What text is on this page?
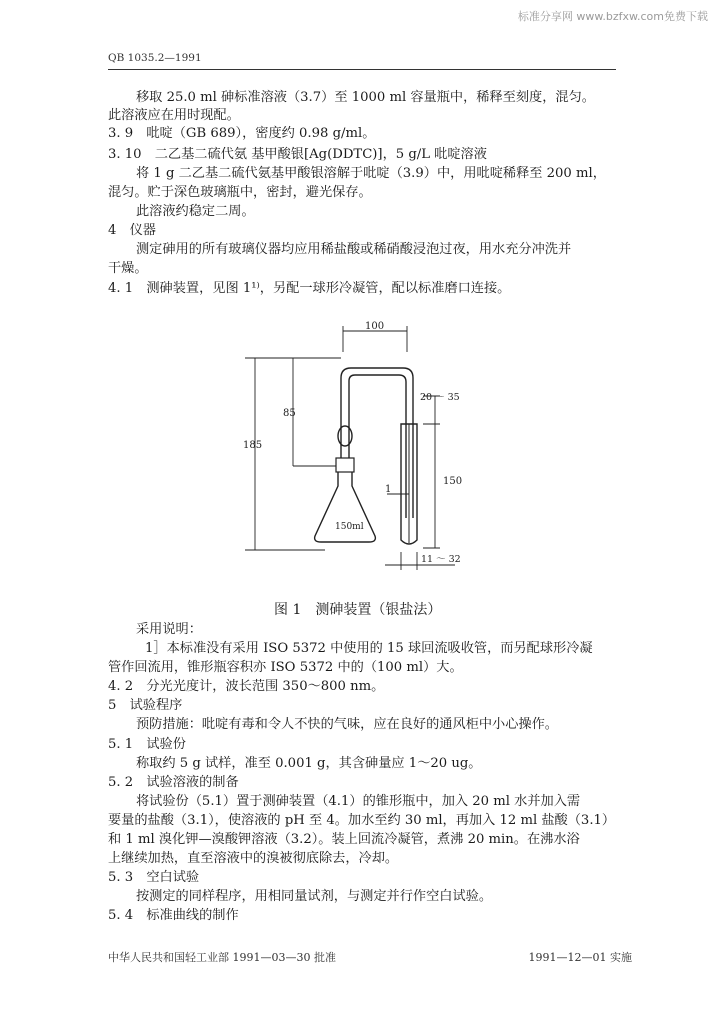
标准分享网 www.bzfxw.com免费下载
QB 1035.2—1991
移取 25.0 ml 砷标准溶液（3.7）至 1000 ml 容量瓶中，稀释至刻度，混匀。
此溶液应在用时现配。
3. 9　吡啶（GB 689），密度约 0.98 g/ml。
3. 10　二乙基二硫代氨 基甲酸银[Ag(DDTC)]，5 g/L 吡啶溶液
将 1 g 二乙基二硫代氨基甲酸银溶解于吡啶（3.9）中，用吡啶稀释至 200 ml，
混匀。贮于深色玻璃瓶中，密封，避光保存。
此溶液约稳定二周。
4　仪器
测定砷用的所有玻璃仪器均应用稀盐酸或稀硝酸浸泡过夜，用水充分冲洗并
干燥。
4. 1　测砷装置，见图 1¹⁾，另配一球形冷凝管，配以标准磨口连接。
100
85
185
150ml
20 ～ 35
150
1
11 ～ 32
图 1　测砷装置（银盐法）
采用说明：
1］本标准没有采用 ISO 5372 中使用的 15 球回流吸收管，而另配球形冷凝
管作回流用，锥形瓶容积亦 ISO 5372 中的（100 ml）大。
4. 2　分光光度计，波长范围 350～800 nm。
5　试验程序
预防措施：吡啶有毒和令人不快的气味，应在良好的通风柜中小心操作。
5. 1　试验份
称取约 5 g 试样，准至 0.001 g，其含砷量应 1～20 ug。
5. 2　试验溶液的制备
将试验份（5.1）置于测砷装置（4.1）的锥形瓶中，加入 20 ml 水并加入需
要量的盐酸（3.1），使溶液的 pH 至 4。加水至约 30 ml，再加入 12 ml 盐酸（3.1）
和 1 ml 溴化钾—溴酸钾溶液（3.2）。装上回流冷凝管，煮沸 20 min。在沸水浴
上继续加热，直至溶液中的溴被彻底除去，冷却。
5. 3　空白试验
按测定的同样程序，用相同量试剂，与测定并行作空白试验。
5. 4　标准曲线的制作
中华人民共和国轻工业部 1991—03—30 批准	1991—12—01 实施
